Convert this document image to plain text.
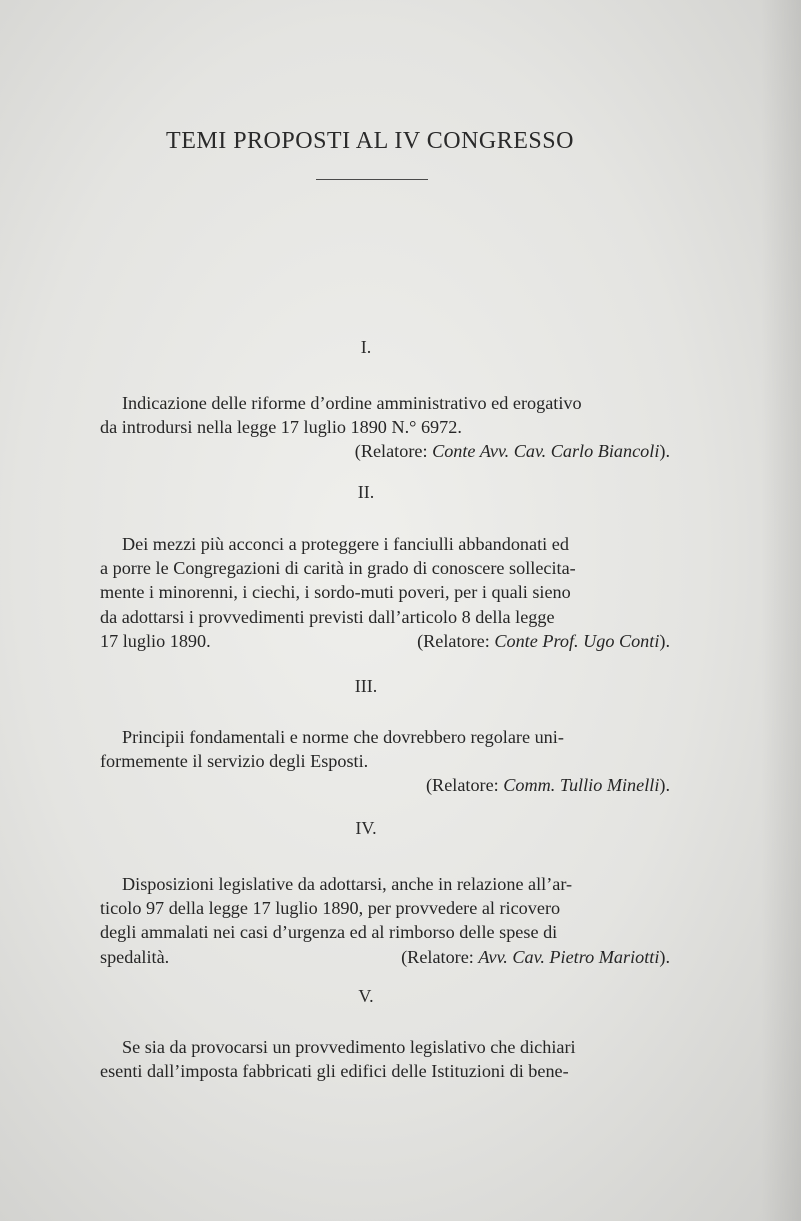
TEMI PROPOSTI AL IV CONGRESSO
I.
Indicazione delle riforme d’ordine amministrativo ed erogativo
da introdursi nella legge 17 luglio 1890 N.° 6972.
(Relatore: Conte Avv. Cav. Carlo Biancoli).
II.
Dei mezzi più acconci a proteggere i fanciulli abbandonati ed
a porre le Congregazioni di carità in grado di conoscere sollecita-
mente i minorenni, i ciechi, i sordo-muti poveri, per i quali sieno
da adottarsi i provvedimenti previsti dall’articolo 8 della legge
17 luglio 1890.	(Relatore: Conte Prof. Ugo Conti).
III.
Principii fondamentali e norme che dovrebbero regolare uni-
formemente il servizio degli Esposti.
(Relatore: Comm. Tullio Minelli).
IV.
Disposizioni legislative da adottarsi, anche in relazione all’ar-
ticolo 97 della legge 17 luglio 1890, per provvedere al ricovero
degli ammalati nei casi d’urgenza ed al rimborso delle spese di
spedalità.	(Relatore: Avv. Cav. Pietro Mariotti).
V.
Se sia da provocarsi un provvedimento legislativo che dichiari
esenti dall’imposta fabbricati gli edifici delle Istituzioni di bene-
